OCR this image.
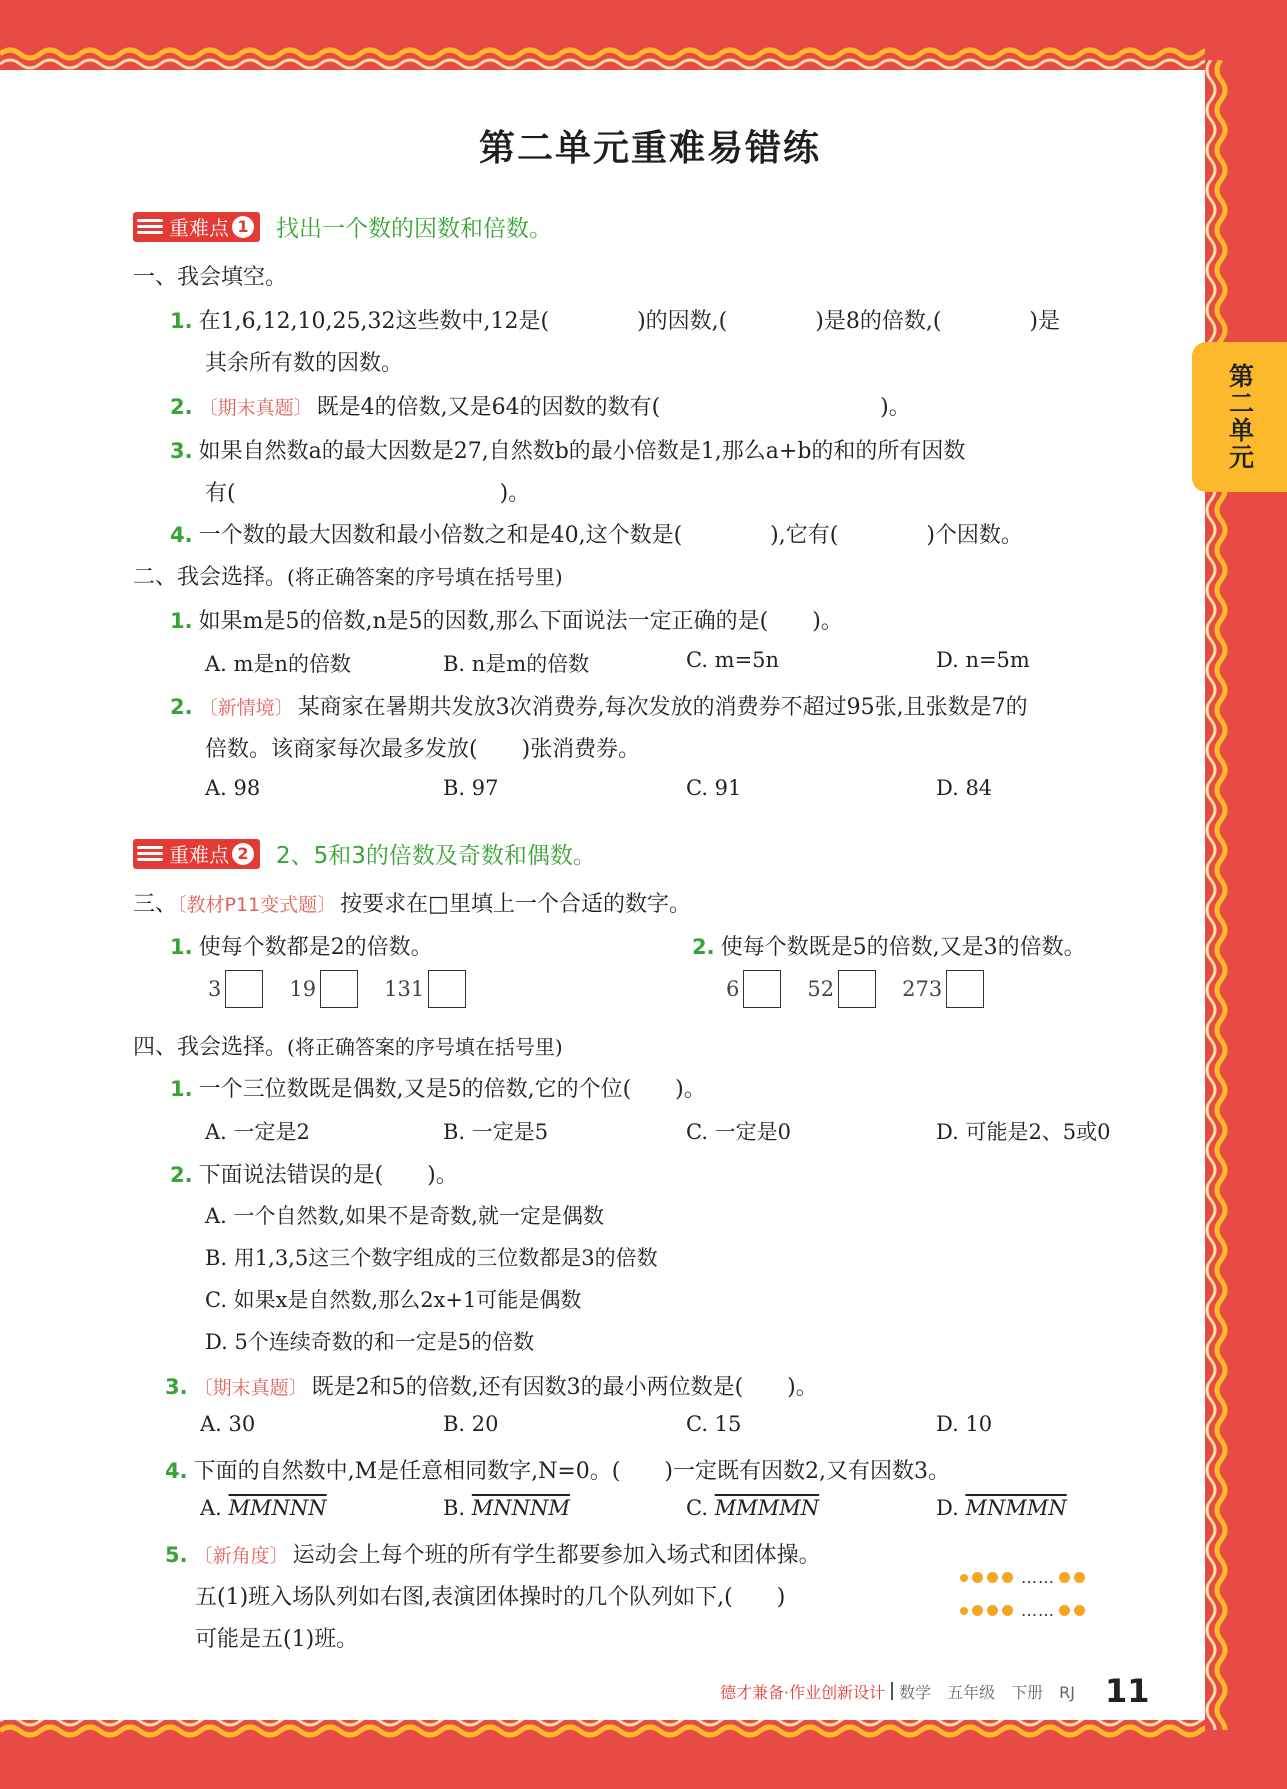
第二单元
第二单元重难易错练
重难点 1 找出一个数的因数和倍数。
一、我会填空。
1. 在1,6,12,10,25,32这些数中,12是(　　　　)的因数,(　　　　)是8的倍数,(　　　　)是
其余所有数的因数。
2. 〔期末真题〕 既是4的倍数,又是64的因数的数有(　　　　　　　　　　)。
3. 如果自然数a的最大因数是27,自然数b的最小倍数是1,那么a+b的和的所有因数
有(　　　　　　　　　　　　)。
4. 一个数的最大因数和最小倍数之和是40,这个数是(　　　　),它有(　　　　)个因数。
二、我会选择。(将正确答案的序号填在括号里)
1. 如果m是5的倍数,n是5的因数,那么下面说法一定正确的是(　　)。
A. m是n的倍数	B. n是m的倍数	C. m=5n	D. n=5m
2. 〔新情境〕 某商家在暑期共发放3次消费券,每次发放的消费券不超过95张,且张数是7的
倍数。该商家每次最多发放(　　)张消费券。
A. 98	B. 97	C. 91	D. 84
重难点 2 2、5和3的倍数及奇数和偶数。
三、〔教材P11变式题〕 按要求在□里填上一个合适的数字。
1. 使每个数都是2的倍数。	2. 使每个数既是5的倍数,又是3的倍数。
3	19	131	6	52	273
四、我会选择。(将正确答案的序号填在括号里)
1. 一个三位数既是偶数,又是5的倍数,它的个位(　　)。
A. 一定是2	B. 一定是5	C. 一定是0	D. 可能是2、5或0
2. 下面说法错误的是(　　)。
A. 一个自然数,如果不是奇数,就一定是偶数
B. 用1,3,5这三个数字组成的三位数都是3的倍数
C. 如果x是自然数,那么2x+1可能是偶数
D. 5个连续奇数的和一定是5的倍数
3. 〔期末真题〕 既是2和5的倍数,还有因数3的最小两位数是(　　)。
A. 30	B. 20	C. 15	D. 10
4. 下面的自然数中,M是任意相同数字,N=0。(　　)一定既有因数2,又有因数3。
A. MMNNN	B. MNNNM	C. MMMMN	D. MNMMN
5. 〔新角度〕 运动会上每个班的所有学生都要参加入场式和团体操。
五(1)班入场队列如右图,表演团体操时的几个队列如下,(　　)
可能是五(1)班。
……
……
德才兼备·作业创新设计 数学　五年级　下册　RJ 11
